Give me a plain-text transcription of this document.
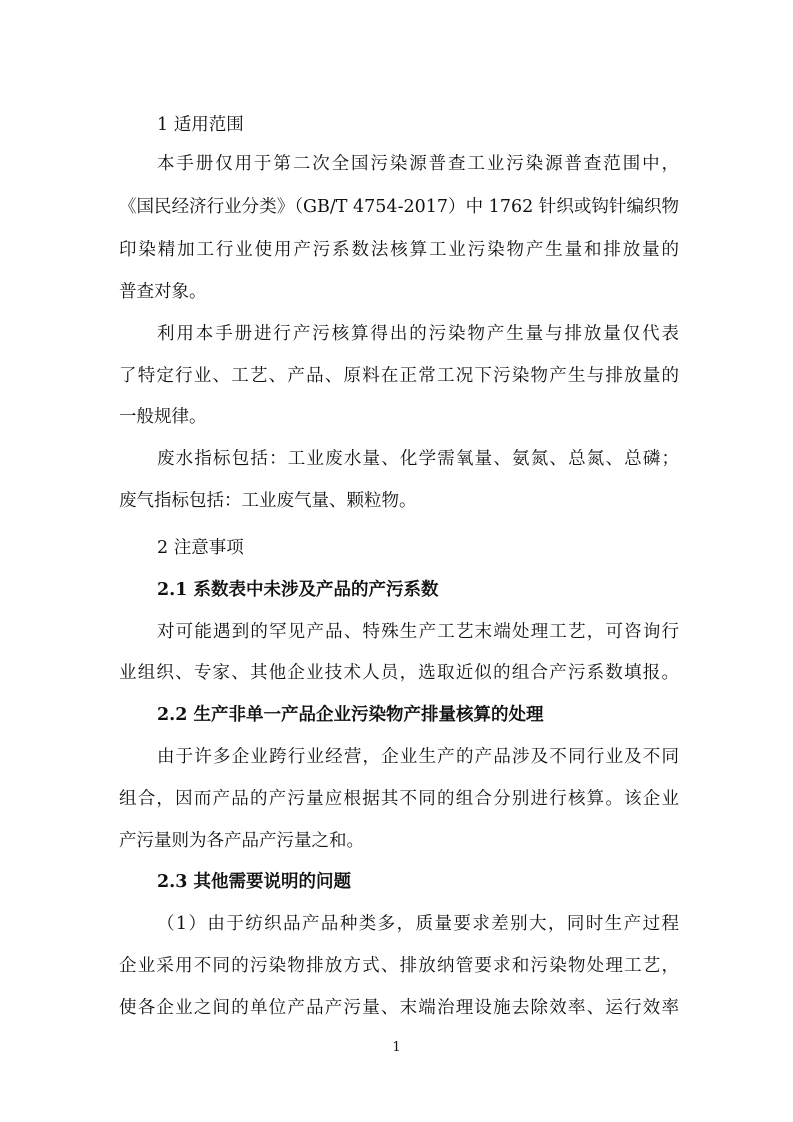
1 适用范围
本手册仅用于第二次全国污染源普查工业污染源普查范围中，
《国民经济行业分类》（GB/T 4754-2017）中 1762 针织或钩针编织物
印染精加工行业使用产污系数法核算工业污染物产生量和排放量的
普查对象。
利用本手册进行产污核算得出的污染物产生量与排放量仅代表
了特定行业、工艺、产品、原料在正常工况下污染物产生与排放量的
一般规律。
废水指标包括：工业废水量、化学需氧量、氨氮、总氮、总磷；
废气指标包括：工业废气量、颗粒物。
2 注意事项
2.1 系数表中未涉及产品的产污系数
对可能遇到的罕见产品、特殊生产工艺末端处理工艺，可咨询行
业组织、专家、其他企业技术人员，选取近似的组合产污系数填报。
2.2 生产非单一产品企业污染物产排量核算的处理
由于许多企业跨行业经营，企业生产的产品涉及不同行业及不同
组合，因而产品的产污量应根据其不同的组合分别进行核算。该企业
产污量则为各产品产污量之和。
2.3 其他需要说明的问题
（1）由于纺织品产品种类多，质量要求差别大，同时生产过程
企业采用不同的污染物排放方式、排放纳管要求和污染物处理工艺，
使各企业之间的单位产品产污量、末端治理设施去除效率、运行效率
1
